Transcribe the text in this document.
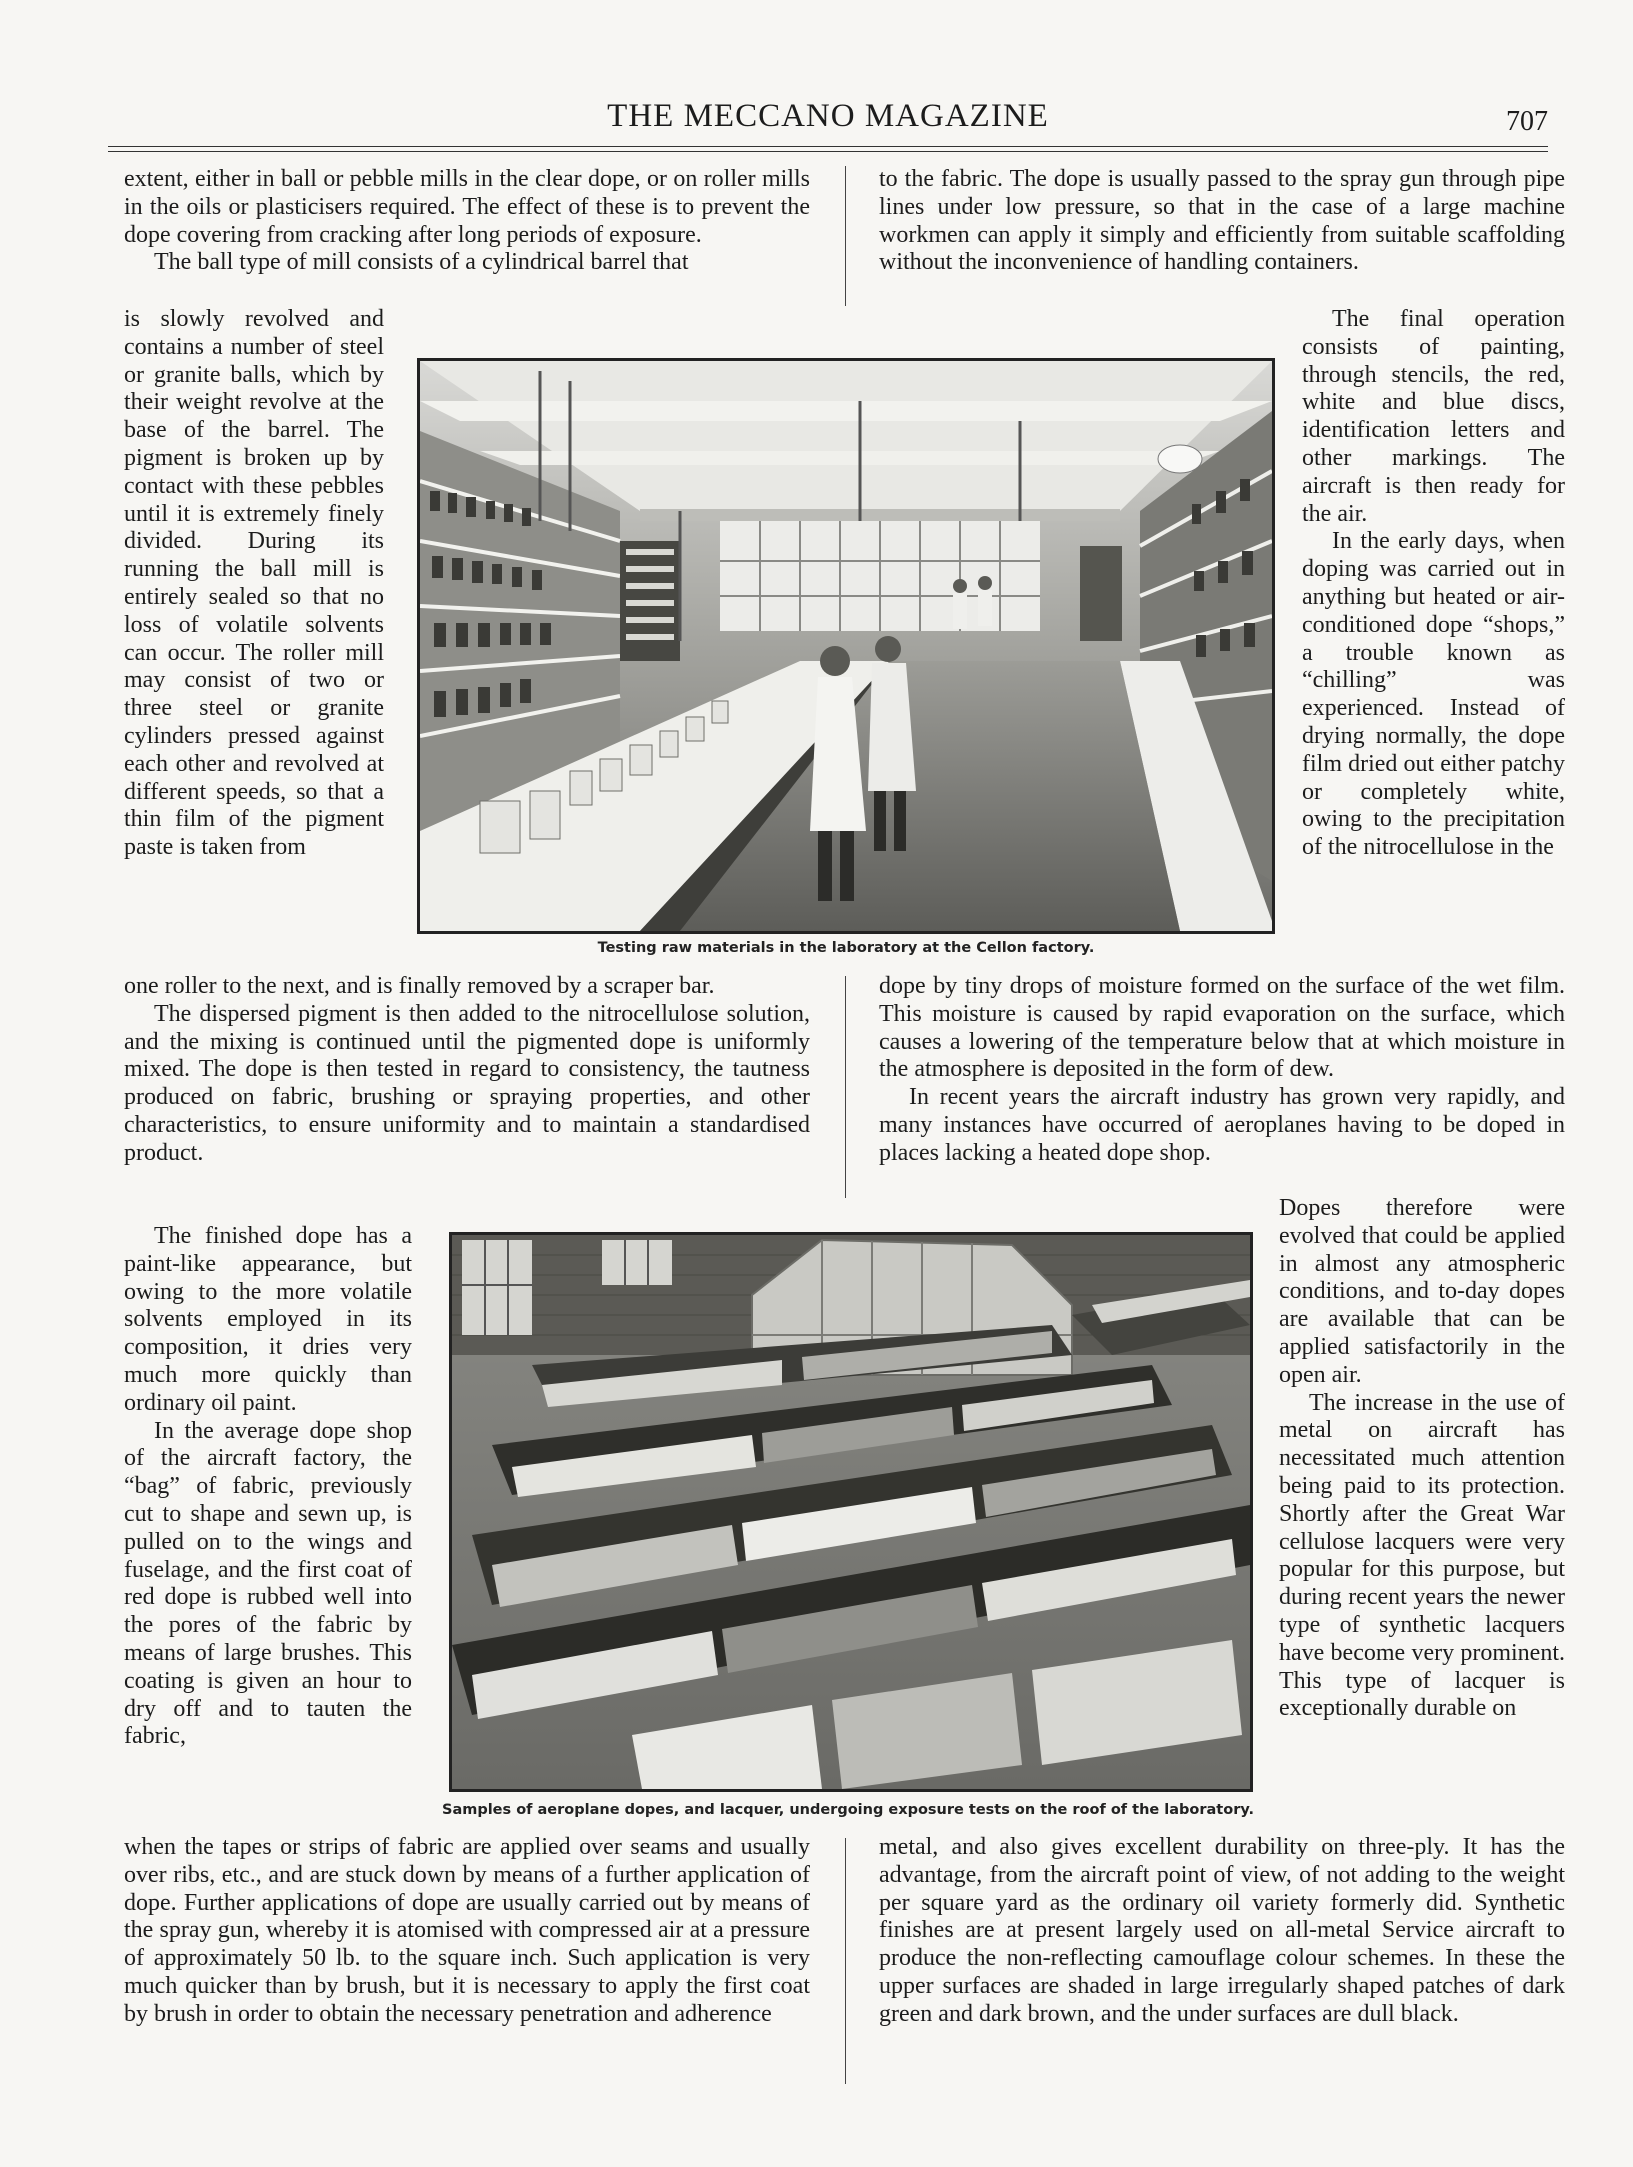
THE MECCANO MAGAZINE	707

extent, either in ball or pebble mills in the clear dope, or on roller mills in the oils or plasticisers required. The effect of these is to prevent the dope covering from cracking after long periods of exposure.

The ball type of mill consists of a cylindrical barrel that

is slowly revolved and contains a number of steel or granite balls, which by their weight revolve at the base of the barrel. The pigment is broken up by contact with these pebbles until it is extremely finely divided. During its running the ball mill is entirely sealed so that no loss of volatile solvents can occur. The roller mill may consist of two or three steel or granite cylinders pressed against each other and revolved at different speeds, so that a thin film of the pigment paste is taken from

one roller to the next, and is finally removed by a scraper bar.

The dispersed pigment is then added to the nitrocellulose solution, and the mixing is continued until the pigmented dope is uniformly mixed. The dope is then tested in regard to consistency, the tautness produced on fabric, brushing or spraying properties, and other characteristics, to ensure uniformity and to maintain a standardised product.

The finished dope has a paint-like appearance, but owing to the more volatile solvents employed in its composition, it dries very much more quickly than ordinary oil paint.

In the average dope shop of the aircraft factory, the “bag” of fabric, previously cut to shape and sewn up, is pulled on to the wings and fuselage, and the first coat of red dope is rubbed well into the pores of the fabric by means of large brushes. This coating is given an hour to dry off and to tauten the fabric,

when the tapes or strips of fabric are applied over seams and usually over ribs, etc., and are stuck down by means of a further application of dope. Further applications of dope are usually carried out by means of the spray gun, whereby it is atomised with compressed air at a pressure of approximately 50 lb. to the square inch. Such application is very much quicker than by brush, but it is necessary to apply the first coat by brush in order to obtain the necessary penetration and adherence

to the fabric. The dope is usually passed to the spray gun through pipe lines under low pressure, so that in the case of a large machine workmen can apply it simply and efficiently from suitable scaffolding without the inconvenience of handling containers.

The final operation consists of painting, through stencils, the red, white and blue discs, identification letters and other markings. The aircraft is then ready for the air.

In the early days, when doping was carried out in anything but heated or air-conditioned dope “shops,” a trouble known as “chilling” was experienced. Instead of drying normally, the dope film dried out either patchy or completely white, owing to the precipitation of the nitrocellulose in the

dope by tiny drops of moisture formed on the surface of the wet film. This moisture is caused by rapid evaporation on the surface, which causes a lowering of the temperature below that at which moisture in the atmosphere is deposited in the form of dew.

In recent years the aircraft industry has grown very rapidly, and many instances have occurred of aeroplanes having to be doped in places lacking a heated dope shop.

Dopes therefore were evolved that could be applied in almost any atmospheric conditions, and to-day dopes are available that can be applied satisfactorily in the open air.

The increase in the use of metal on aircraft has necessitated much attention being paid to its protection. Shortly after the Great War cellulose lacquers were very popular for this purpose, but during recent years the newer type of synthetic lacquers have become very prominent. This type of lacquer is exceptionally durable on

metal, and also gives excellent durability on three-ply. It has the advantage, from the aircraft point of view, of not adding to the weight per square yard as the ordinary oil variety formerly did. Synthetic finishes are at present largely used on all-metal Service aircraft to produce the non-reflecting camouflage colour schemes. In these the upper surfaces are shaded in large irregularly shaped patches of dark green and dark brown, and the under surfaces are dull black.

Testing raw materials in the laboratory at the Cellon factory.
Samples of aeroplane dopes, and lacquer, undergoing exposure tests on the roof of the laboratory.
